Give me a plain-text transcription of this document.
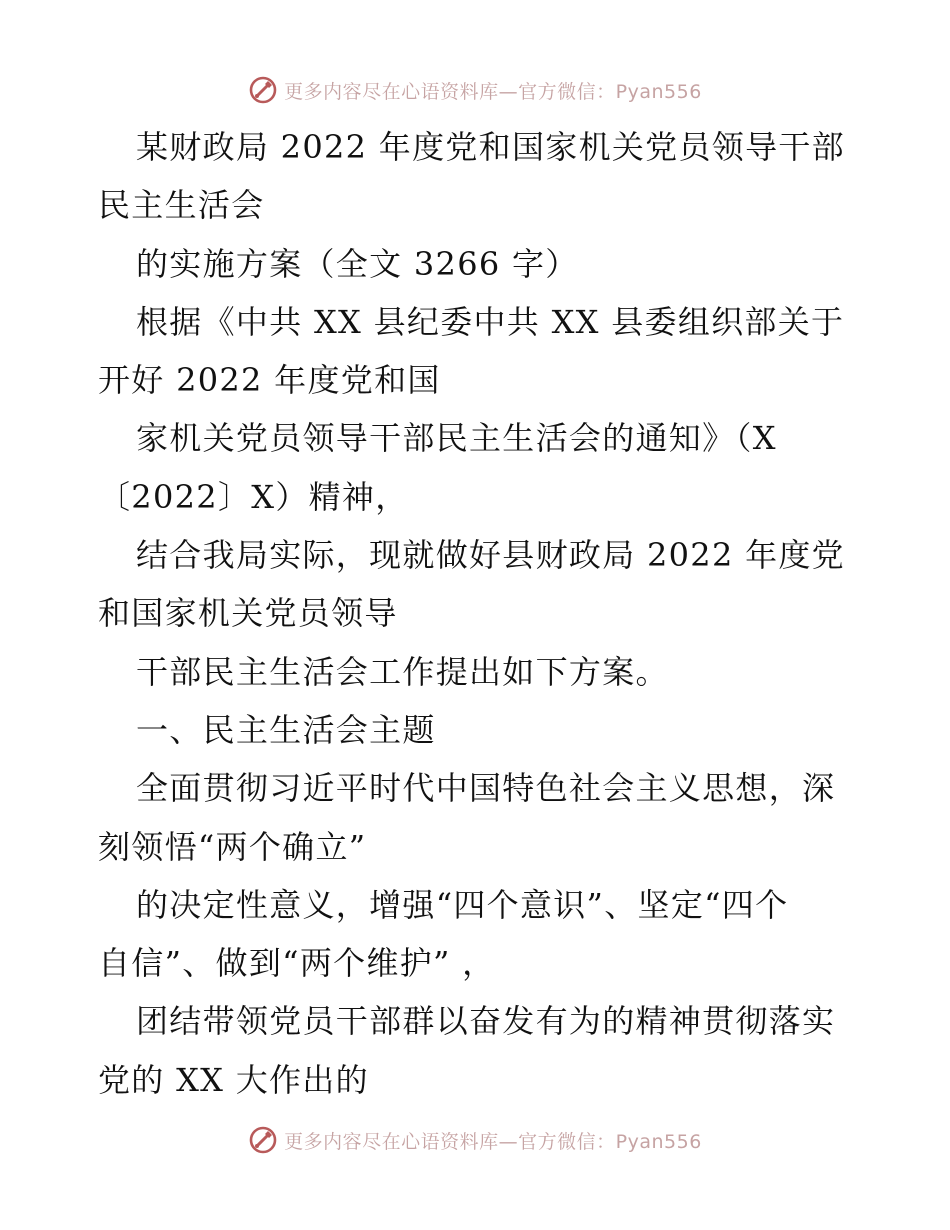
更多内容尽在心语资料库—官方微信：Pyan556
某财政局 2022 年度党和国家机关党员领导干部
民主生活会
的实施方案（全文 3266 字）
根据《中共 XX 县纪委中共 XX 县委组织部关于
开好 2022 年度党和国
家机关党员领导干部民主生活会的通知》（X
〔2022〕X）精神，
结合我局实际，现就做好县财政局 2022 年度党
和国家机关党员领导
干部民主生活会工作提出如下方案。
一、民主生活会主题
全面贯彻习近平时代中国特色社会主义思想，深
刻领悟“两个确立”
的决定性意义，增强“四个意识”、坚定“四个
自信”、做到“两个维护” ，
团结带领党员干部群以奋发有为的精神贯彻落实
党的 XX 大作出的
更多内容尽在心语资料库—官方微信：Pyan556
